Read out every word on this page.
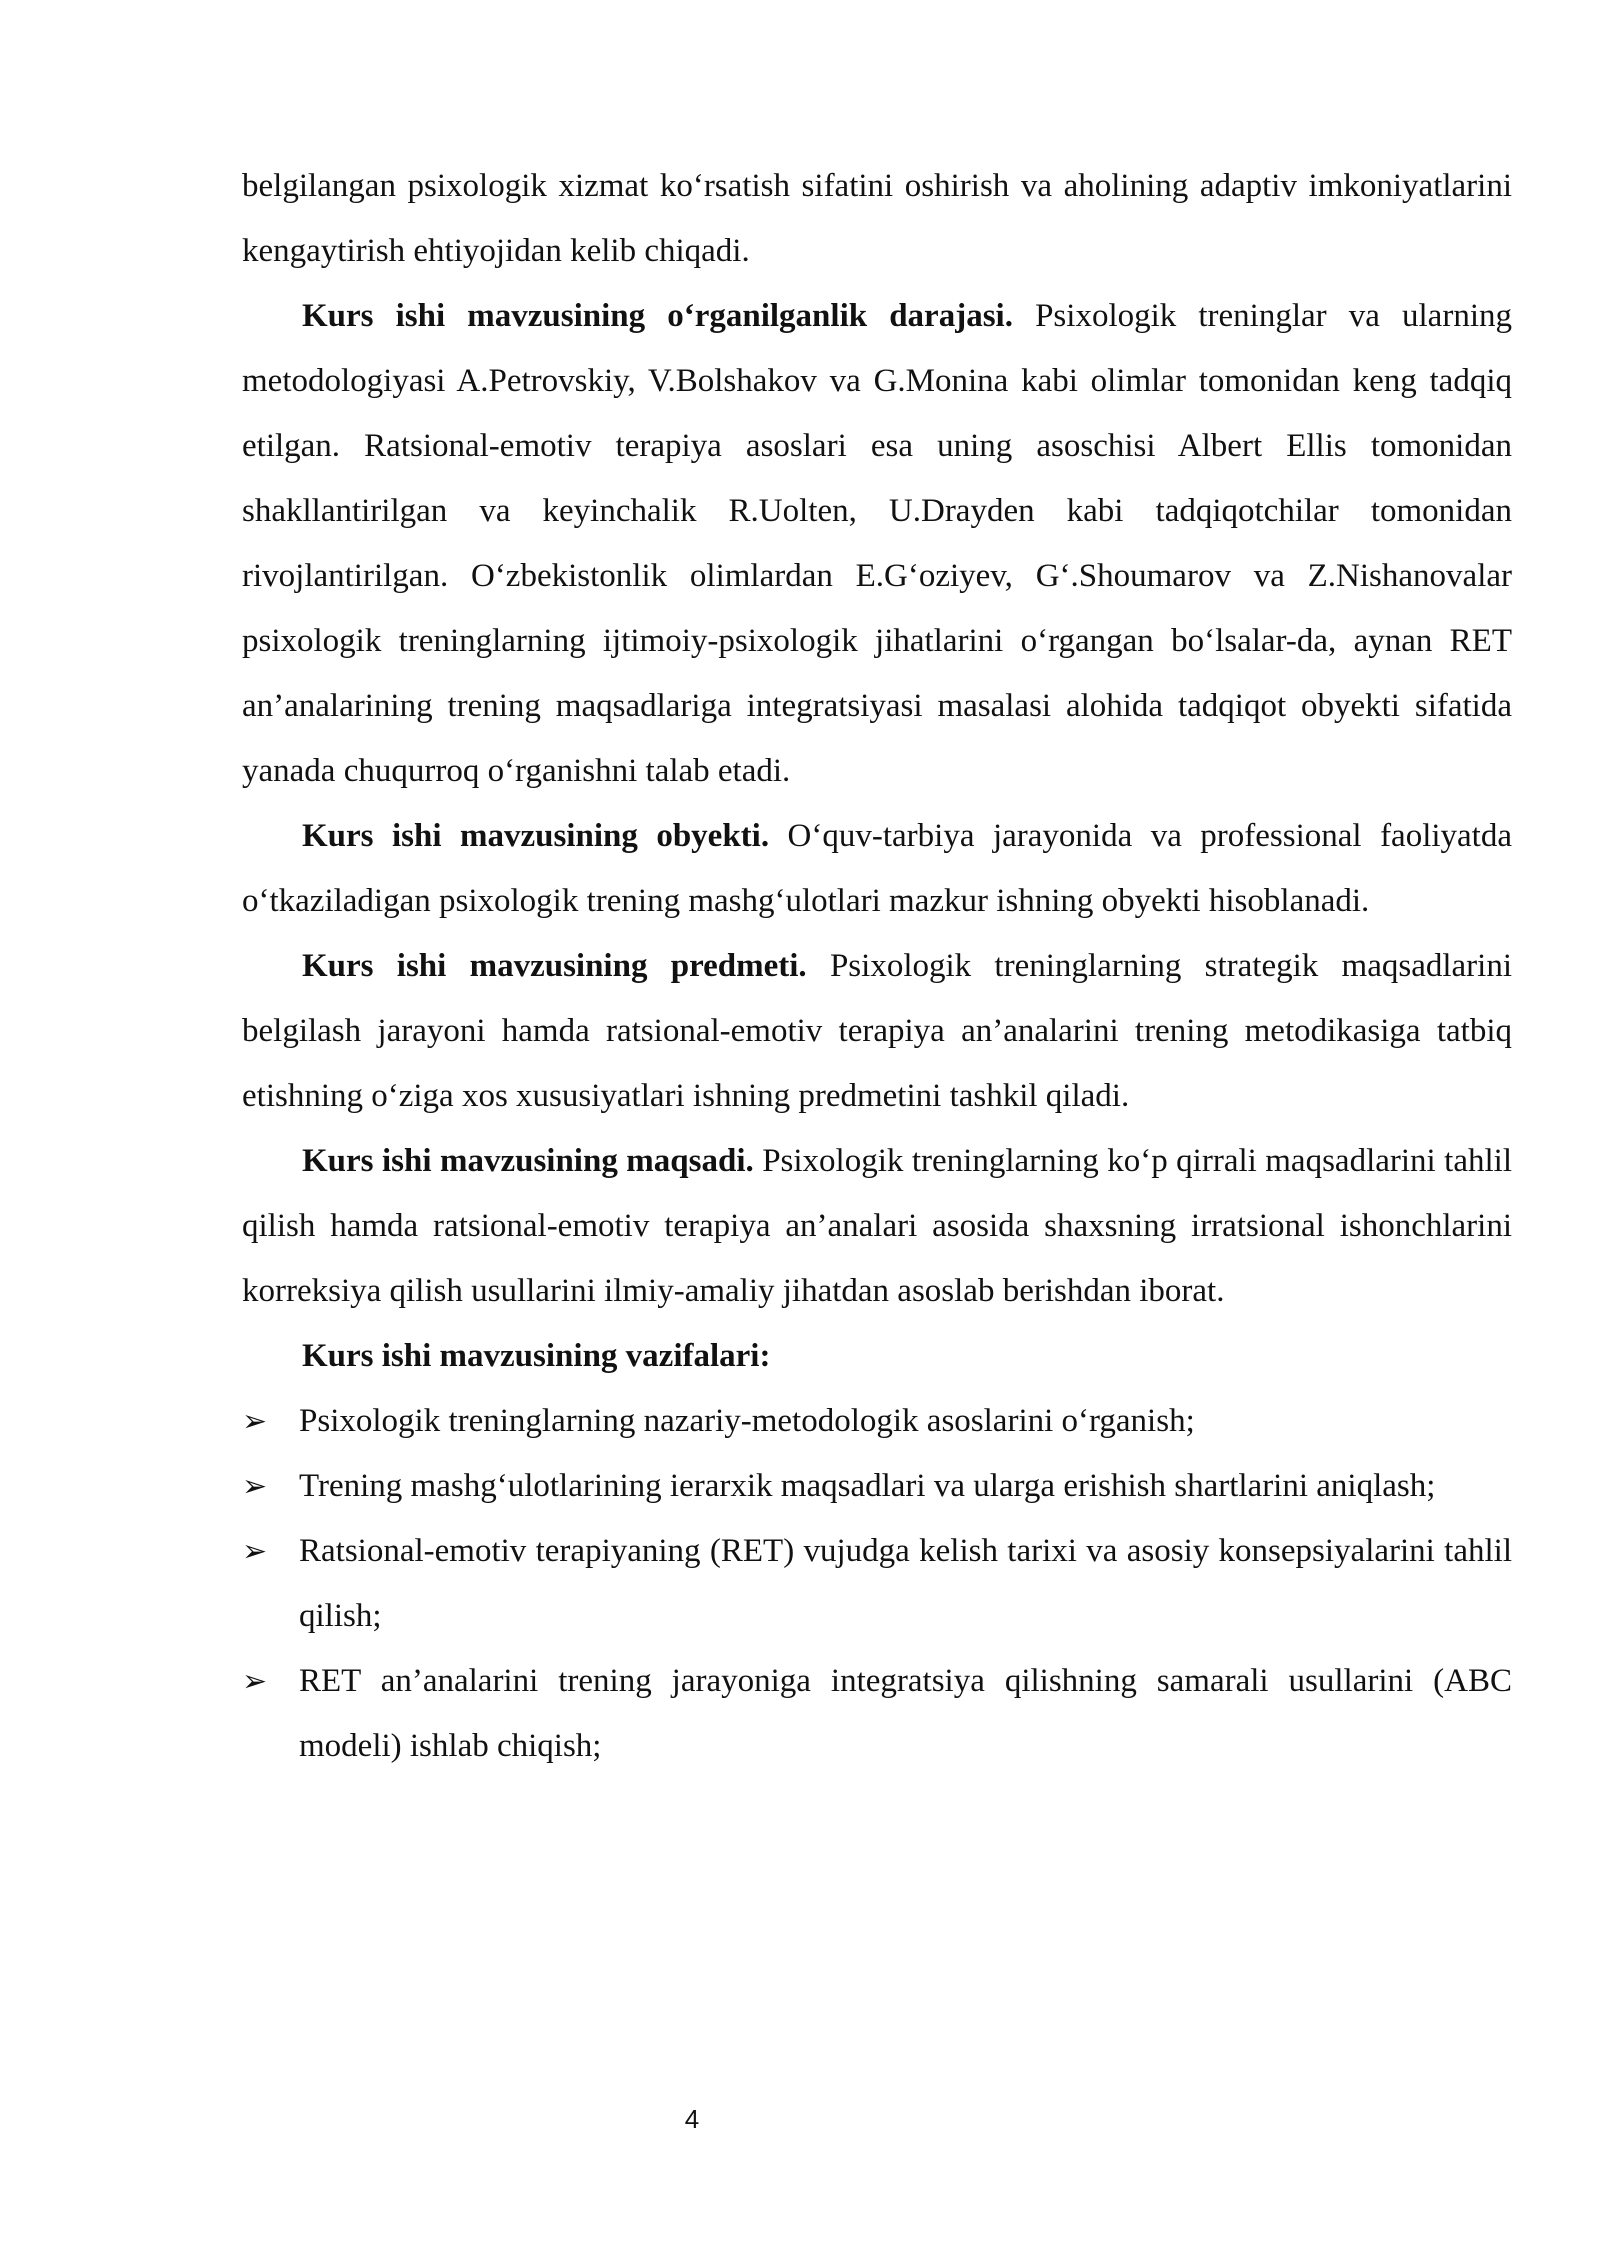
belgilangan psixologik xizmat ko‘rsatish sifatini oshirish va aholining adaptiv imkoniyatlarini kengaytirish ehtiyojidan kelib chiqadi.

Kurs ishi mavzusining o‘rganilganlik darajasi. Psixologik treninglar va ularning metodologiyasi A.Petrovskiy, V.Bolshakov va G.Monina kabi olimlar tomonidan keng tadqiq etilgan. Ratsional-emotiv terapiya asoslari esa uning asoschisi Albert Ellis tomonidan shakllantirilgan va keyinchalik R.Uolten, U.Drayden kabi tadqiqotchilar tomonidan rivojlantirilgan. O‘zbekistonlik olimlardan E.G‘oziyev, G‘.Shoumarov va Z.Nishanovalar psixologik treninglarning ijtimoiy-psixologik jihatlarini o‘rgangan bo‘lsalar-da, aynan RET an’analarining trening maqsadlariga integratsiyasi masalasi alohida tadqiqot obyekti sifatida yanada chuqurroq o‘rganishni talab etadi.

Kurs ishi mavzusining obyekti. O‘quv-tarbiya jarayonida va professional faoliyatda o‘tkaziladigan psixologik trening mashg‘ulotlari mazkur ishning obyekti hisoblanadi.

Kurs ishi mavzusining predmeti. Psixologik treninglarning strategik maqsadlarini belgilash jarayoni hamda ratsional-emotiv terapiya an’analarini trening metodikasiga tatbiq etishning o‘ziga xos xususiyatlari ishning predmetini tashkil qiladi.

Kurs ishi mavzusining maqsadi. Psixologik treninglarning ko‘p qirrali maqsadlarini tahlil qilish hamda ratsional-emotiv terapiya an’analari asosida shaxsning irratsional ishonchlarini korreksiya qilish usullarini ilmiy-amaliy jihatdan asoslab berishdan iborat.

Kurs ishi mavzusining vazifalari:

➢ Psixologik treninglarning nazariy-metodologik asoslarini o‘rganish;
➢ Trening mashg‘ulotlarining ierarxik maqsadlari va ularga erishish shartlarini aniqlash;
➢ Ratsional-emotiv terapiyaning (RET) vujudga kelish tarixi va asosiy konsepsiyalarini tahlil qilish;
➢ RET an’analarini trening jarayoniga integratsiya qilishning samarali usullarini (ABC modeli) ishlab chiqish;
4
